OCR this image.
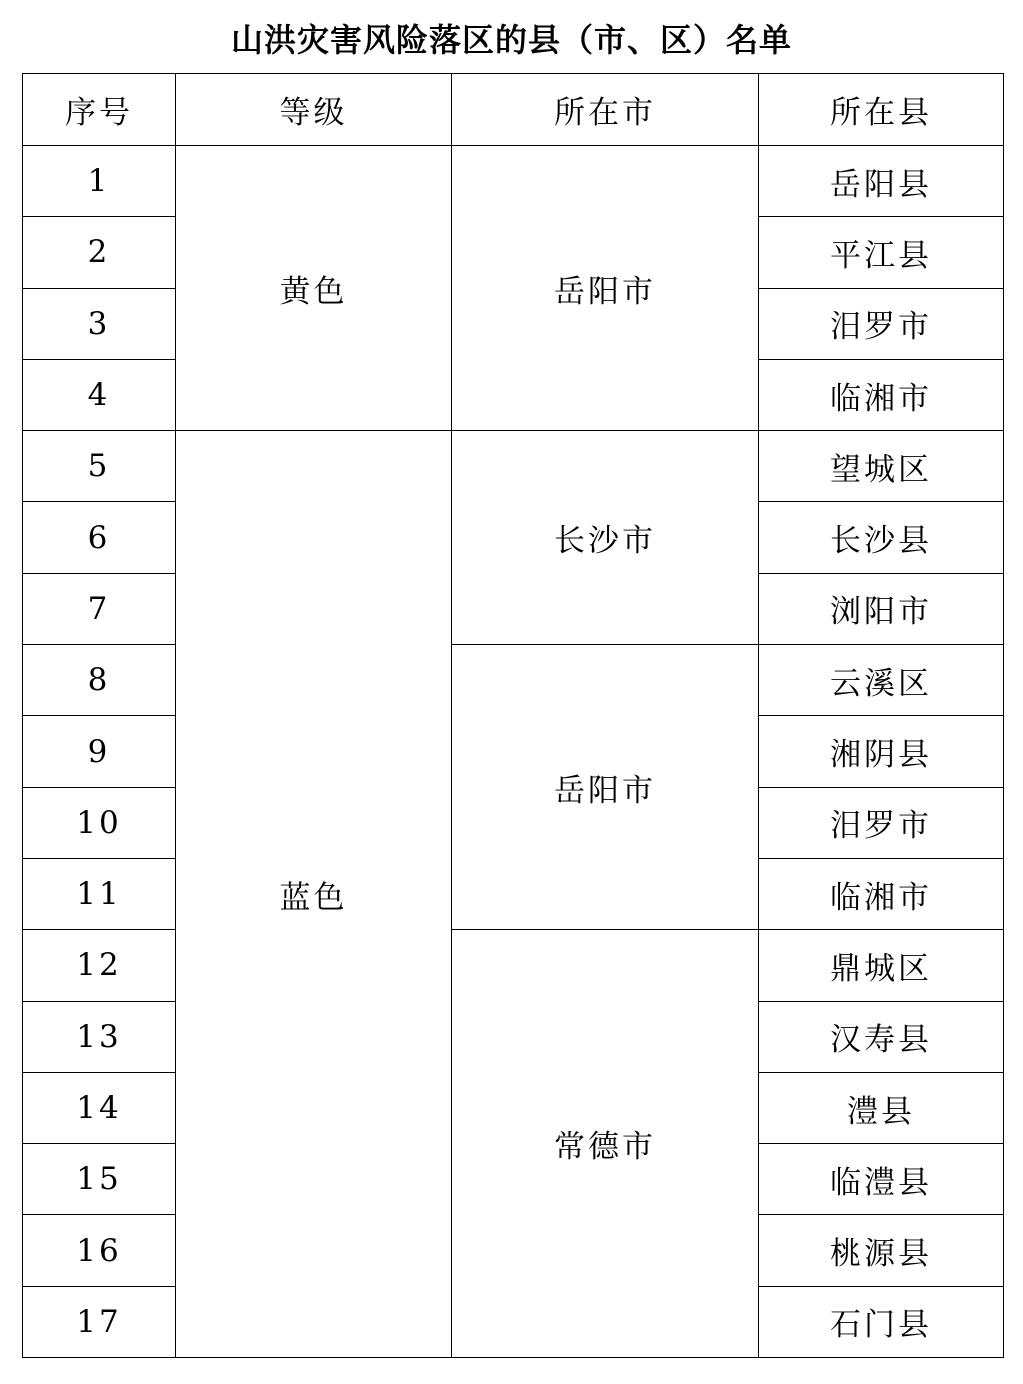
山洪灾害风险落区的县（市、区）名单
序号	等级	所在市	所在县
1	黄色	岳阳市	岳阳县
2			平江县
3			汨罗市
4			临湘市
5	蓝色	长沙市	望城区
6			长沙县
7			浏阳市
8		岳阳市	云溪区
9			湘阴县
10			汨罗市
11			临湘市
12		常德市	鼎城区
13			汉寿县
14			澧县
15			临澧县
16			桃源县
17			石门县
